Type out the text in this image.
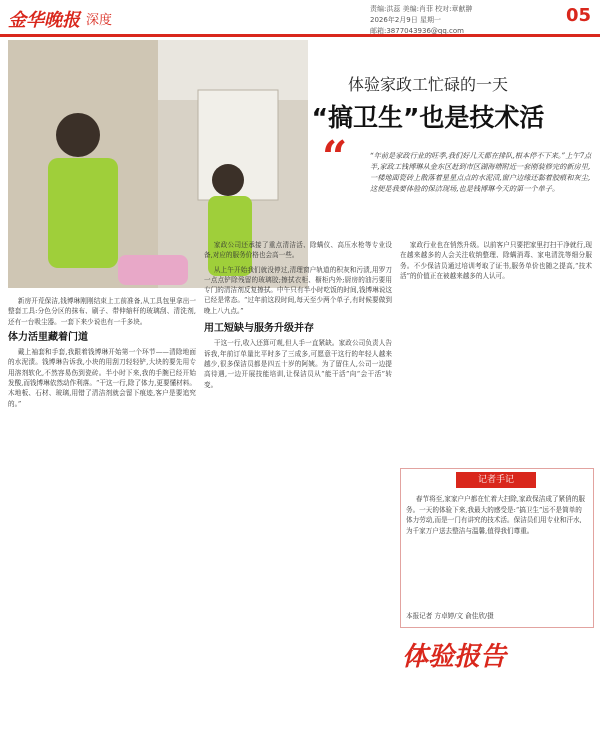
金华晚报 深度
责编:洪蕊 美编:肖菲 校对:章献翀
2026年2月9日 星期一
邮箱:3877043936@qq.com
05
体验家政工忙碌的一天
“搞卫生”也是技术活
“	“年前是家政行业的旺季,我们好几天都在排队,根本停不下来。”上午7点半,家政工钱博琳从金东区赶到市区湖海塘附近一套刚装修完的新房里,一楼地面瓷砖上散落着星星点点的水泥渍,窗户边缘还黏着胶痕和灰尘,这便是我要体验的保洁现场,也是钱博琳今天的第一个单子。

新房开荒保洁,钱博琳刚刚结束上工前准备,从工具包里拿出一整套工具:分色分区的抹布、刷子、带伸缩杆的玻璃刮、清洗剂,还有一台吸尘器。一套下来少说也有一千多块。

体力活里藏着门道

戴上袖套和手套,我跟着钱博琳开始第一个环节——清除地面的水泥渍。钱博琳告诉我,小块的用刮刀轻轻铲,大块的要先用专用溶剂软化,不然容易伤到瓷砖。半小时下来,我的手腕已经开始发酸,而钱博琳依然动作利落。“干这一行,除了体力,更要懂材料。木地板、石材、玻璃,用错了清洁剂就会留下痕迹,客户是要追究的。”

家政公司还承接了重点清洁活、除螨仪、高压水枪等专业设备,对应的服务价格也会高一些。

从上午开始我们就没停过,清理窗户轨道的积灰和污渍,用罗刀一点点铲除残留的玻璃胶;擦拭衣柜、橱柜内外;厨房的油污要用专门的清洁剂反复擦拭。中午只有半小时吃饭的时间,钱博琳说这已经是常态。“过年前这段时间,每天至少两个单子,有时候要做到晚上八九点。”

用工短缺与服务升级并存

干这一行,收入还算可观,但人手一直紧缺。家政公司负责人告诉我,年前订单量比平时多了三成多,可愿意干这行的年轻人越来越少,很多保洁员都是四五十岁的阿姨。为了留住人,公司一边提高待遇,一边开展技能培训,让保洁员从“能干活”向“会干活”转变。

家政行业也在悄然升级。以前客户只要把家里打扫干净就行,现在越来越多的人会关注收纳整理、除螨消毒、家电清洗等细分服务。不少保洁员通过培训考取了证书,服务单价也随之提高,“技术活”的价值正在被越来越多的人认可。

记者手记

春节将至,家家户户都在忙着大扫除,家政保洁成了紧俏的服务。一天的体验下来,我最大的感受是:“搞卫生”远不是简单的体力劳动,而是一门有讲究的技术活。保洁员们用专业和汗水,为千家万户送去整洁与温馨,值得我们尊重。

本报记者 方卓婷/文 俞佳欣/摄
体验报告
